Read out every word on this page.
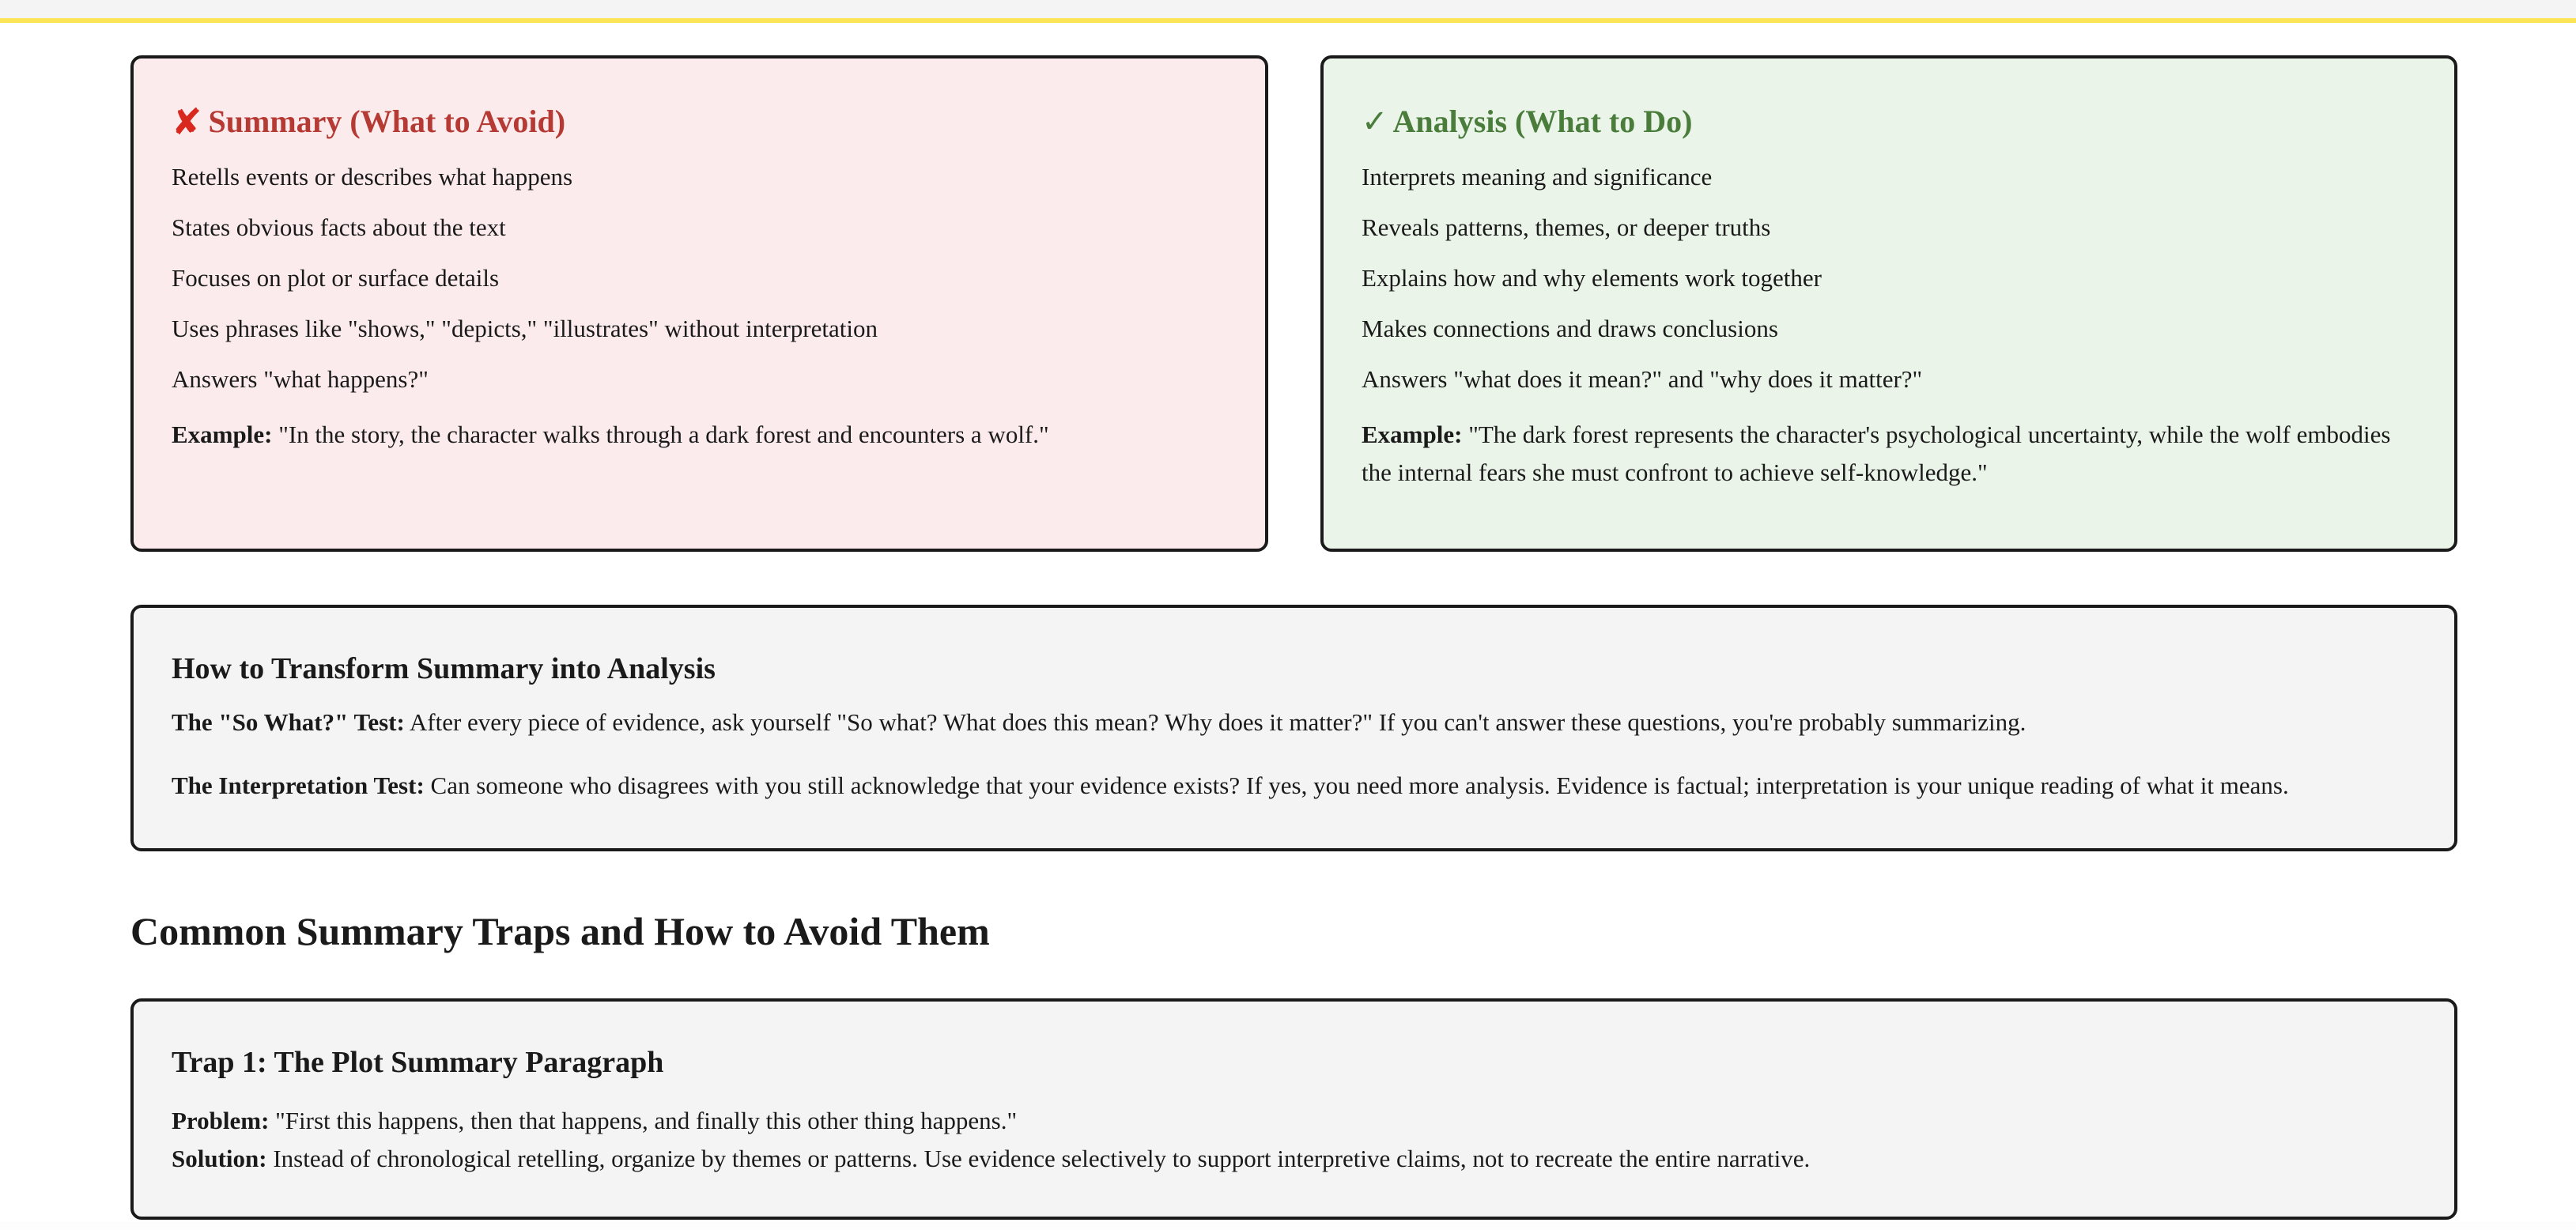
✘ Summary (What to Avoid)
Retells events or describes what happens
States obvious facts about the text
Focuses on plot or surface details
Uses phrases like "shows," "depicts," "illustrates" without interpretation
Answers "what happens?"
Example: "In the story, the character walks through a dark forest and encounters a wolf."
✓ Analysis (What to Do)
Interprets meaning and significance
Reveals patterns, themes, or deeper truths
Explains how and why elements work together
Makes connections and draws conclusions
Answers "what does it mean?" and "why does it matter?"
Example: "The dark forest represents the character's psychological uncertainty, while the wolf embodies the internal fears she must confront to achieve self-knowledge."
How to Transform Summary into Analysis
The "So What?" Test: After every piece of evidence, ask yourself "So what? What does this mean? Why does it matter?" If you can't answer these questions, you're probably summarizing.
The Interpretation Test: Can someone who disagrees with you still acknowledge that your evidence exists? If yes, you need more analysis. Evidence is factual; interpretation is your unique reading of what it means.
Common Summary Traps and How to Avoid Them
Trap 1: The Plot Summary Paragraph
Problem: "First this happens, then that happens, and finally this other thing happens."
Solution: Instead of chronological retelling, organize by themes or patterns. Use evidence selectively to support interpretive claims, not to recreate the entire narrative.
